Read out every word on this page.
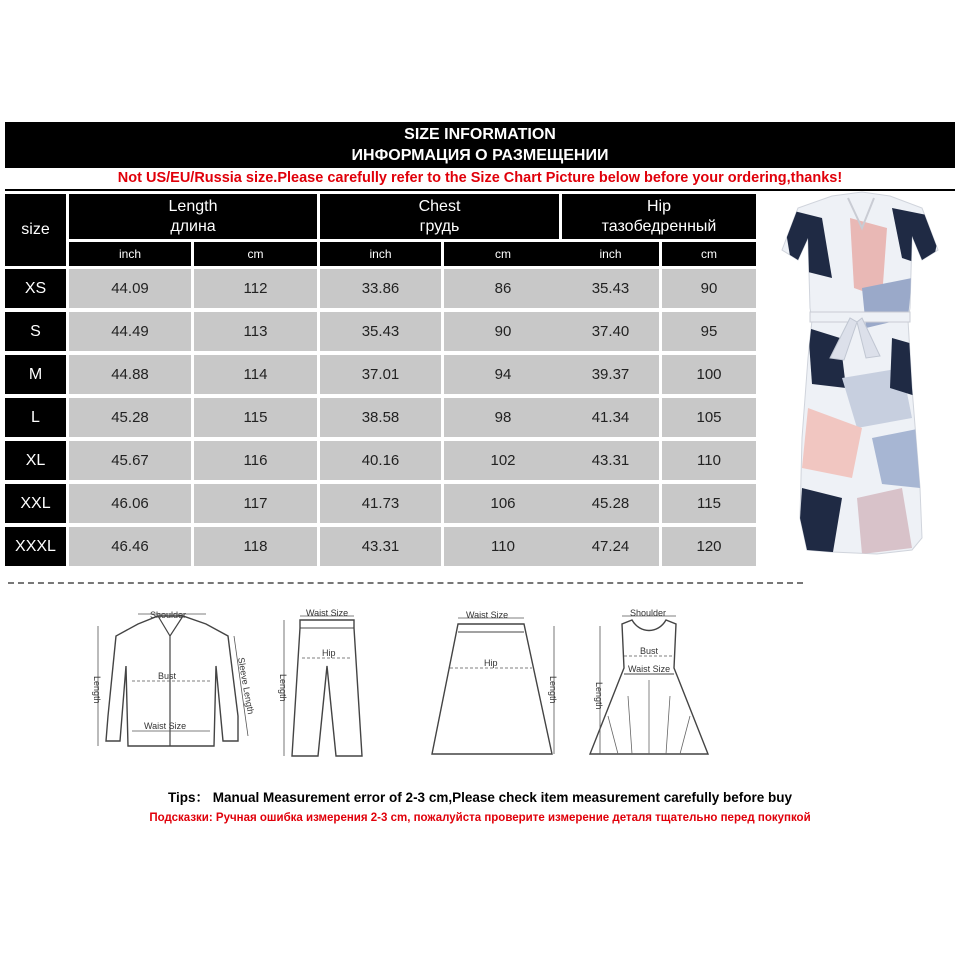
SIZE INFORMATION
ИНФОРМАЦИЯ О РАЗМЕЩЕНИИ
Not US/EU/Russia size.Please carefully refer to the Size Chart Picture below before your ordering,thanks!
size
Length
длина
inch	cm
Chest
грудь
inch	cm
Hip
тазобедренный
inch	cm
XS	44.09	112	33.86	86	35.43	90
S	44.49	113	35.43	90	37.40	95
M	44.88	114	37.01	94	39.37	100
L	45.28	115	38.58	98	41.34	105
XL	45.67	116	40.16	102	43.31	110
XXL	46.06	117	41.73	106	45.28	115
XXXL	46.46	118	43.31	110	47.24	120
Shoulder
Bust
Waist Size
Sleeve Length
Length
Waist Size
Hip
Length
Waist Size
Hip
Length
Shoulder
Bust
Waist Size
Length
Tips： Manual Measurement error of 2-3 cm,Please check item measurement carefully before buy
Подсказки: Ручная ошибка измерения 2-3 cm, пожалуйста проверите измерение деталя тщательно перед покупкой
